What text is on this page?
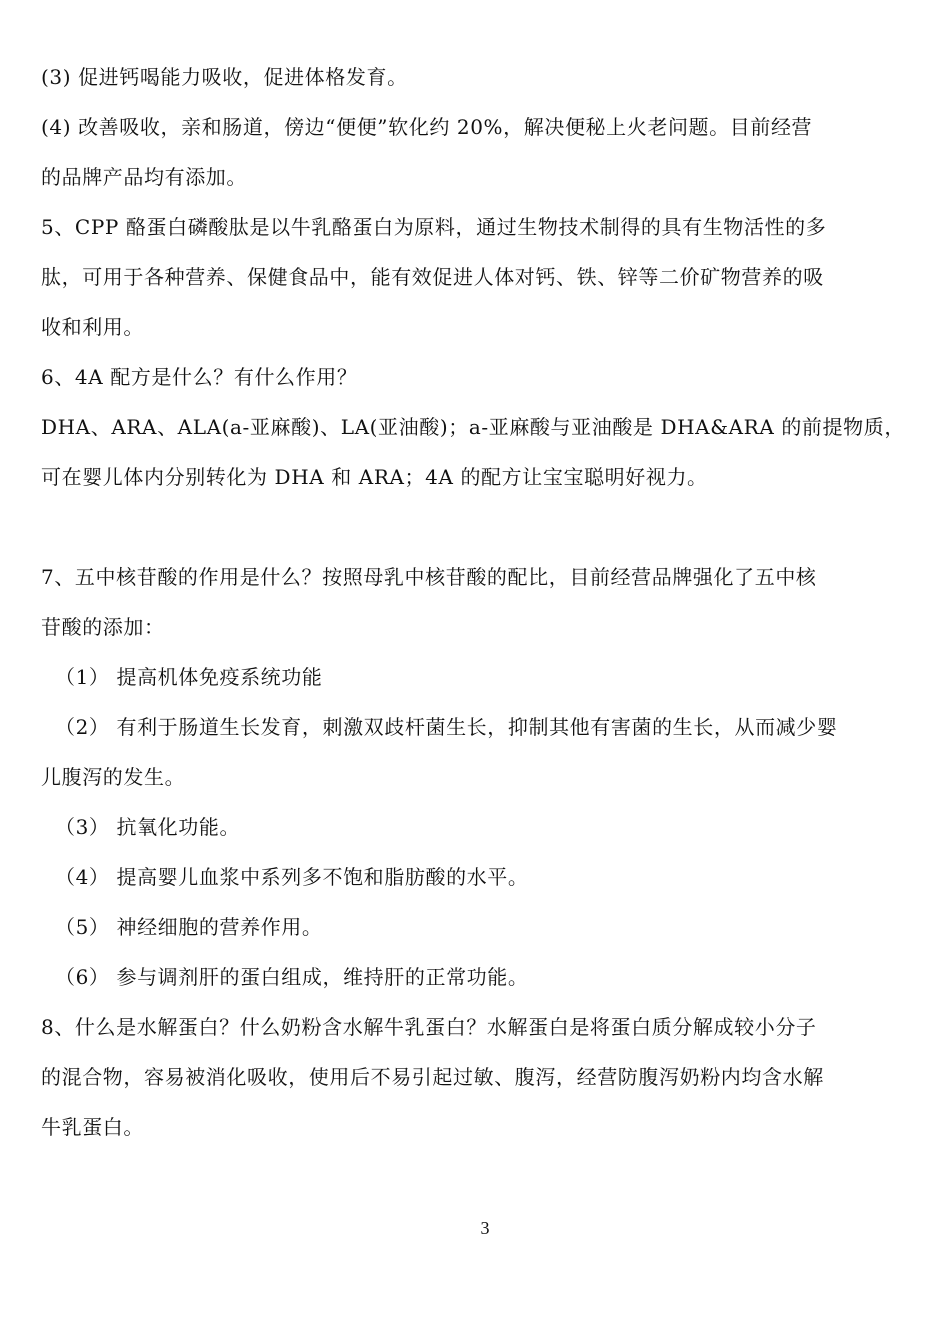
(3) 促进钙喝能力吸收，促进体格发育。
(4) 改善吸收，亲和肠道，傍边“便便”软化约 20%，解决便秘上火老问题。目前经营
的品牌产品均有添加。
5、CPP 酪蛋白磷酸肽是以牛乳酪蛋白为原料，通过生物技术制得的具有生物活性的多
肽，可用于各种营养、保健食品中，能有效促进人体对钙、铁、锌等二价矿物营养的吸
收和利用。
6、4A 配方是什么？有什么作用？
DHA、ARA、ALA(a-亚麻酸)、LA(亚油酸)；a-亚麻酸与亚油酸是 DHA&ARA 的前提物质，
可在婴儿体内分别转化为 DHA 和 ARA；4A 的配方让宝宝聪明好视力。
7、五中核苷酸的作用是什么？按照母乳中核苷酸的配比，目前经营品牌强化了五中核
苷酸的添加：
（1） 提高机体免疫系统功能
（2） 有利于肠道生长发育，刺激双歧杆菌生长，抑制其他有害菌的生长，从而减少婴
儿腹泻的发生。
（3） 抗氧化功能。
（4） 提高婴儿血浆中系列多不饱和脂肪酸的水平。
（5） 神经细胞的营养作用。
（6） 参与调剂肝的蛋白组成，维持肝的正常功能。
8、什么是水解蛋白？什么奶粉含水解牛乳蛋白？水解蛋白是将蛋白质分解成较小分子
的混合物，容易被消化吸收，使用后不易引起过敏、腹泻，经营防腹泻奶粉内均含水解
牛乳蛋白。
3
